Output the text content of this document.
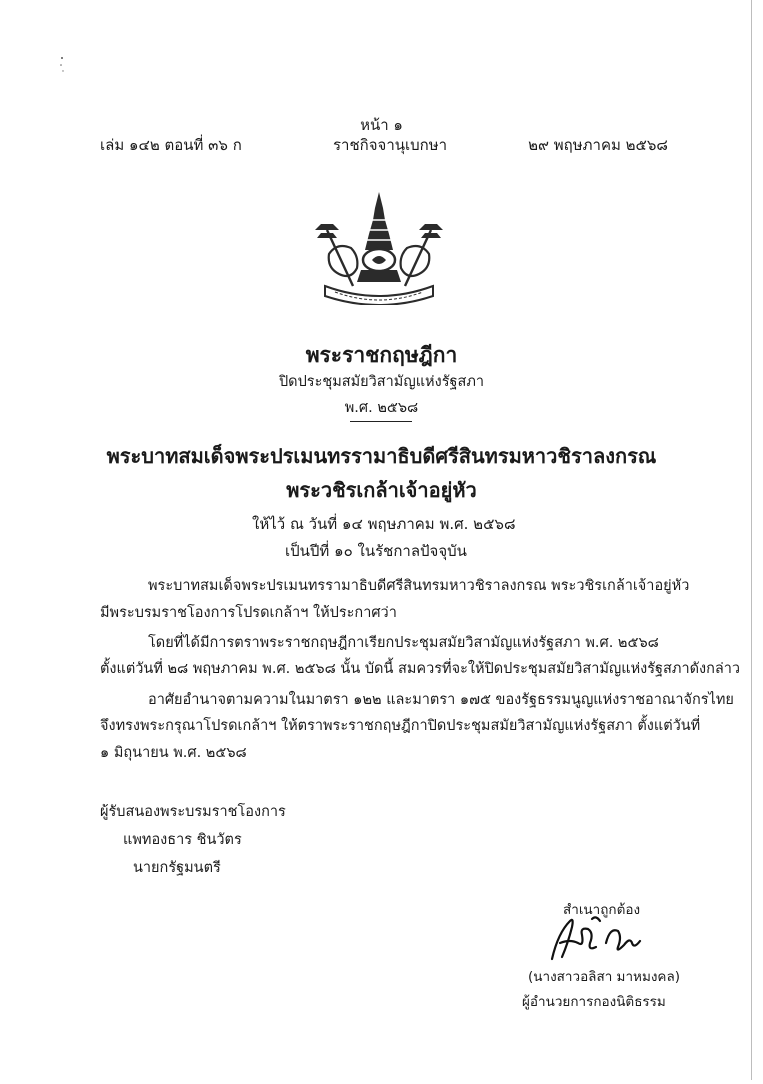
หน้า ๑
เล่ม ๑๔๒ ตอนที่ ๓๖ ก	ราชกิจจานุเบกษา	๒๙ พฤษภาคม ๒๕๖๘
พระราชกฤษฎีกา
ปิดประชุมสมัยวิสามัญแห่งรัฐสภา
พ.ศ. ๒๕๖๘
พระบาทสมเด็จพระปรเมนทรรามาธิบดีศรีสินทรมหาวชิราลงกรณ
พระวชิรเกล้าเจ้าอยู่หัว
ให้ไว้ ณ วันที่ ๑๔ พฤษภาคม พ.ศ. ๒๕๖๘
เป็นปีที่ ๑๐ ในรัชกาลปัจจุบัน
พระบาทสมเด็จพระปรเมนทรรามาธิบดีศรีสินทรมหาวชิราลงกรณ พระวชิรเกล้าเจ้าอยู่หัว
มีพระบรมราชโองการโปรดเกล้าฯ ให้ประกาศว่า
โดยที่ได้มีการตราพระราชกฤษฎีกาเรียกประชุมสมัยวิสามัญแห่งรัฐสภา พ.ศ. ๒๕๖๘
ตั้งแต่วันที่ ๒๘ พฤษภาคม พ.ศ. ๒๕๖๘ นั้น บัดนี้ สมควรที่จะให้ปิดประชุมสมัยวิสามัญแห่งรัฐสภาดังกล่าว
อาศัยอำนาจตามความในมาตรา ๑๒๒ และมาตรา ๑๗๕ ของรัฐธรรมนูญแห่งราชอาณาจักรไทย
จึงทรงพระกรุณาโปรดเกล้าฯ ให้ตราพระราชกฤษฎีกาปิดประชุมสมัยวิสามัญแห่งรัฐสภา ตั้งแต่วันที่
๑ มิถุนายน พ.ศ. ๒๕๖๘
ผู้รับสนองพระบรมราชโองการ
แพทองธาร ชินวัตร
นายกรัฐมนตรี
สำเนาถูกต้อง
(นางสาวอลิสา มาหมงคล)
ผู้อำนวยการกองนิติธรรม
